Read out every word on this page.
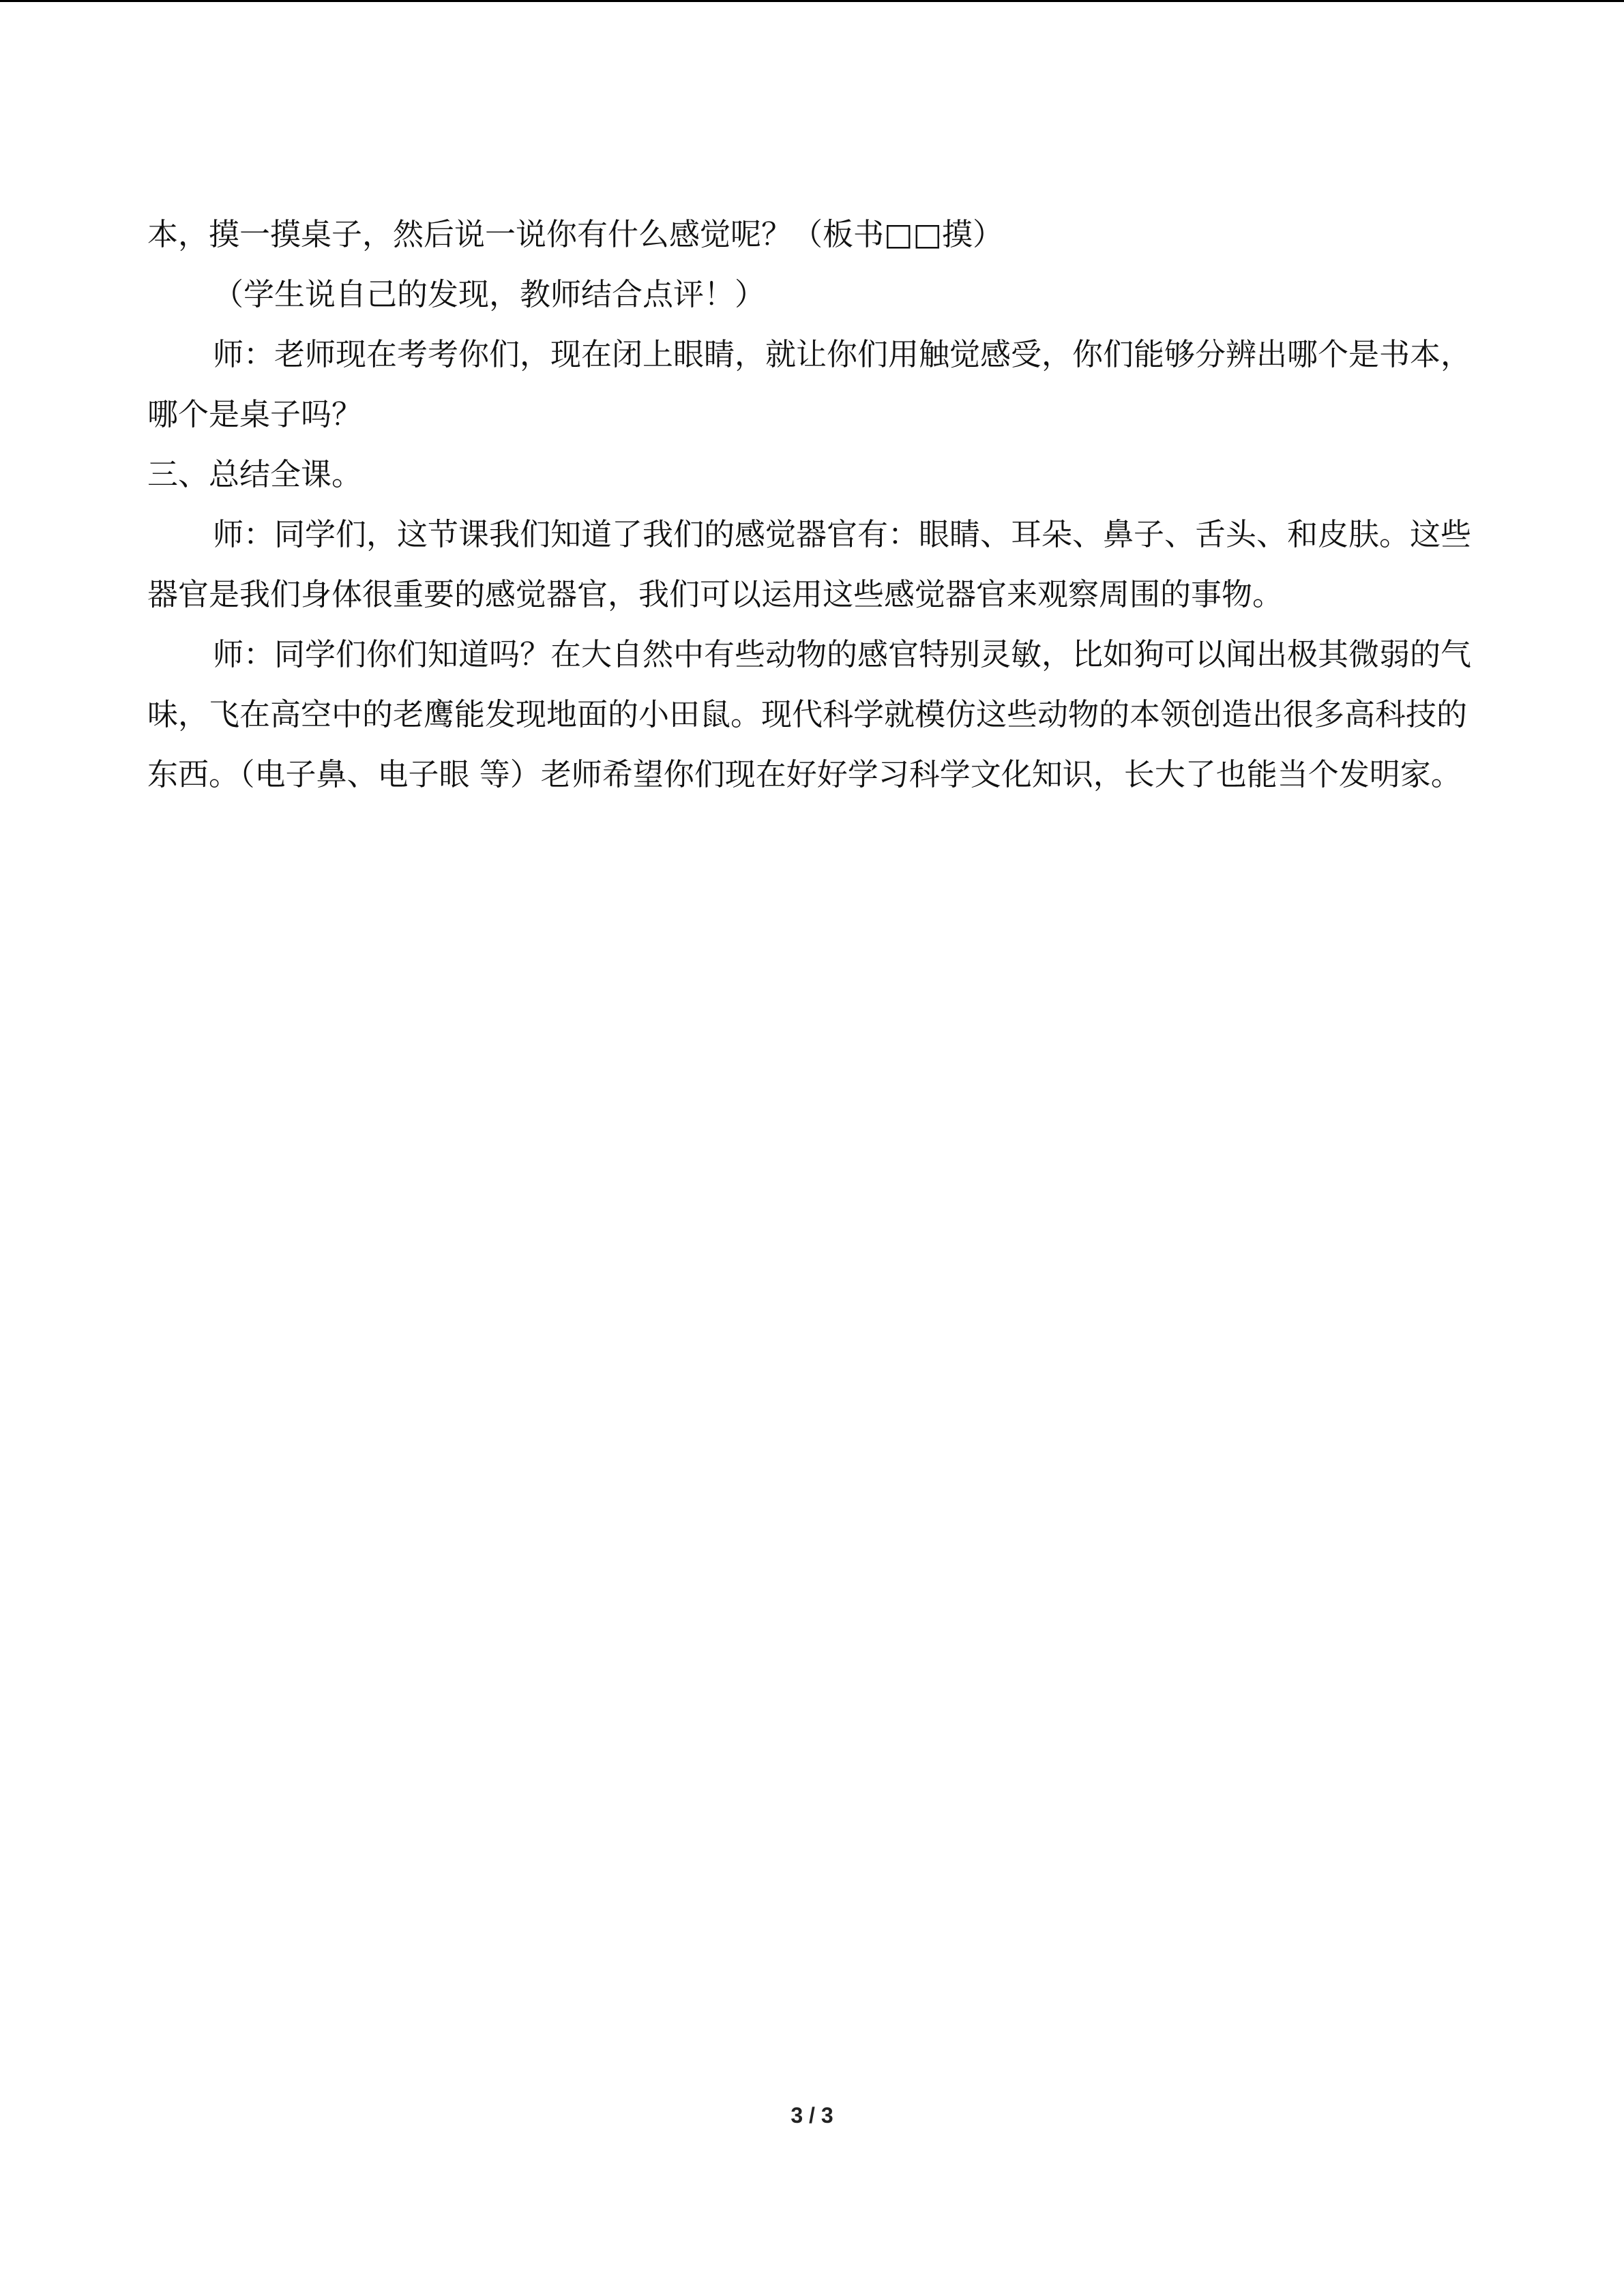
本，摸一摸桌子，然后说一说你有什么感觉呢？（板书□□摸）

（学生说自己的发现，教师结合点评！）

师：老师现在考考你们，现在闭上眼睛，就让你们用触觉感受，你们能够分辨出哪个是书本，哪个是桌子吗？

三、总结全课。

师：同学们，这节课我们知道了我们的感觉器官有：眼睛、耳朵、鼻子、舌头、和皮肤。这些器官是我们身体很重要的感觉器官，我们可以运用这些感觉器官来观察周围的事物。

师：同学们你们知道吗？在大自然中有些动物的感官特别灵敏，比如狗可以闻出极其微弱的气味，飞在高空中的老鹰能发现地面的小田鼠。现代科学就模仿这些动物的本领创造出很多高科技的东西。（电子鼻、电子眼 等）老师希望你们现在好好学习科学文化知识，长大了也能当个发明家。

3 / 3
